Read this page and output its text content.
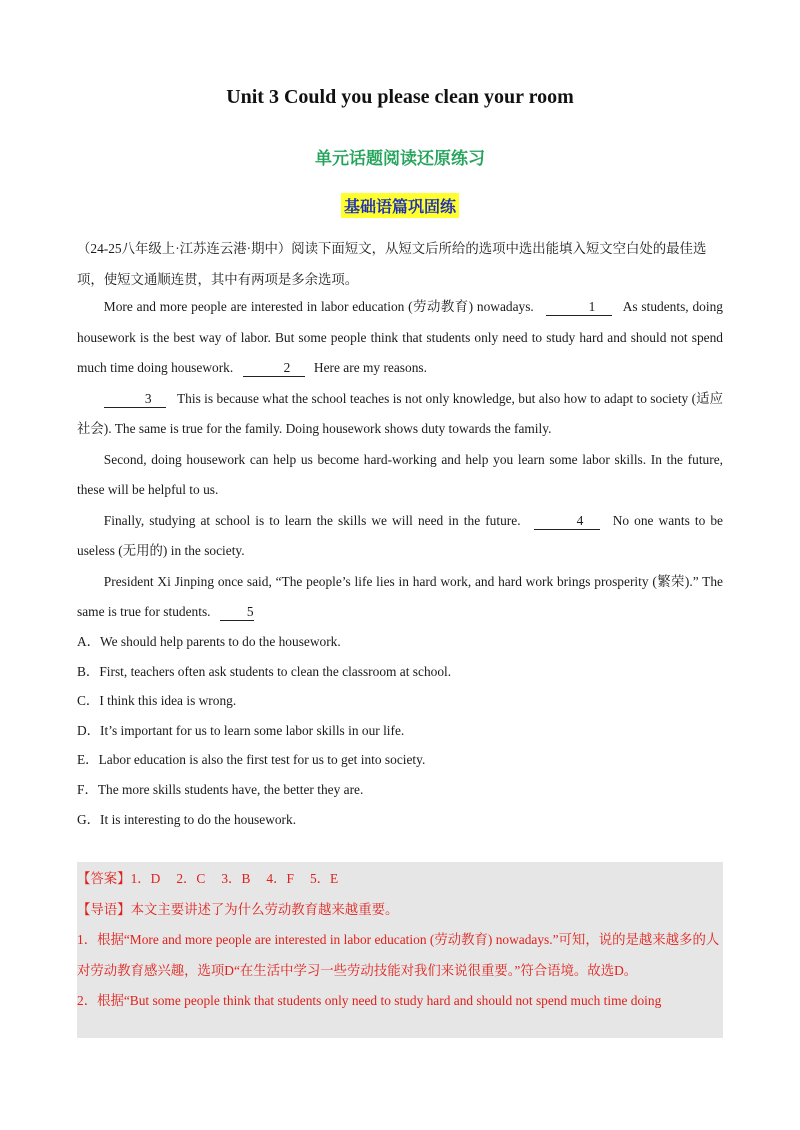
Unit 3 Could you please clean your room
单元话题阅读还原练习
基础语篇巩固练
（24-25八年级上·江苏连云港·期中）阅读下面短文，从短文后所给的选项中选出能填入短文空白处的最佳选项，使短文通顺连贯，其中有两项是多余选项。
More and more people are interested in labor education (劳动教育) nowadays.	1 As students, doing housework is the best way of labor. But some people think that students only need to study hard and should not spend much time doing housework.	2 Here are my reasons.
3 This is because what the school teaches is not only knowledge, but also how to adapt to society (适应社会). The same is true for the family. Doing housework shows duty towards the family.
Second, doing housework can help us become hard-working and help you learn some labor skills. In the future, these will be helpful to us.
Finally, studying at school is to learn the skills we will need in the future.	4 No one wants to be useless (无用的) in the society.
President Xi Jinping once said, “The people’s life lies in hard work, and hard work brings prosperity (繁荣).” The same is true for students.	5
A．We should help parents to do the housework.
B．First, teachers often ask students to clean the classroom at school.
C．I think this idea is wrong.
D．It’s important for us to learn some labor skills in our life.
E．Labor education is also the first test for us to get into society.
F．The more skills students have, the better they are.
G．It is interesting to do the housework.
【答案】1．D 2．C 3．B 4．F 5．E
【导语】本文主要讲述了为什么劳动教育越来越重要。
1．根据“More and more people are interested in labor education (劳动教育) nowadays.”可知，说的是越来越多的人对劳动教育感兴趣，选项D“在生活中学习一些劳动技能对我们来说很重要。”符合语境。故选D。
2．根据“But some people think that students only need to study hard and should not spend much time doing
